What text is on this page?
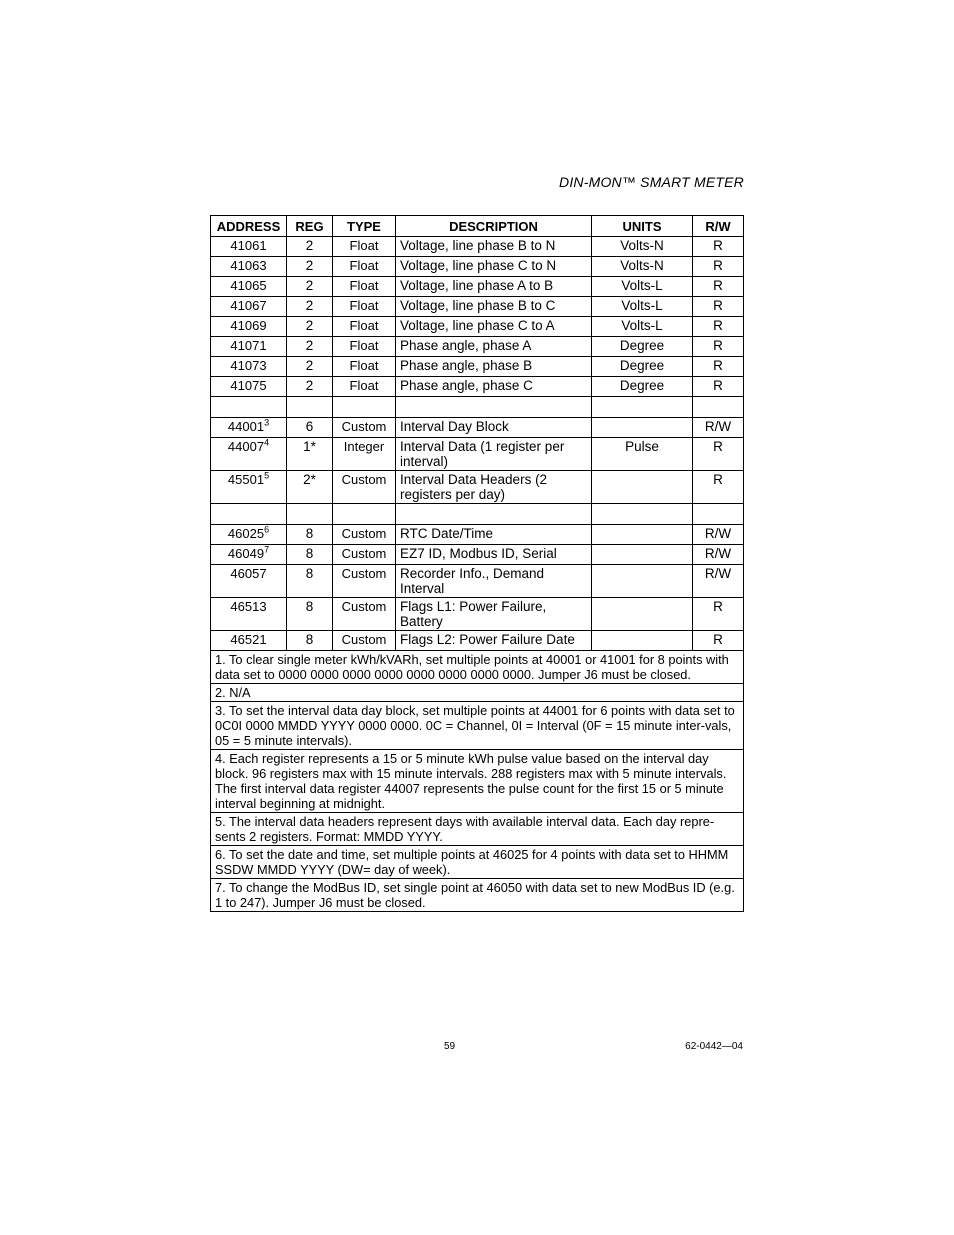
DIN-MON™ SMART METER
ADDRESS	REG	TYPE	DESCRIPTION	UNITS	R/W
41061	2	Float	Voltage, line phase B to N	Volts-N	R
41063	2	Float	Voltage, line phase C to N	Volts-N	R
41065	2	Float	Voltage, line phase A to B	Volts-L	R
41067	2	Float	Voltage, line phase B to C	Volts-L	R
41069	2	Float	Voltage, line phase C to A	Volts-L	R
41071	2	Float	Phase angle, phase A	Degree	R
41073	2	Float	Phase angle, phase B	Degree	R
41075	2	Float	Phase angle, phase C	Degree	R

44001$^3$	6	Custom	Interval Day Block		R/W
44007$^4$	1*	Integer	Interval Data (1 register per interval)	Pulse	R
45501$^5$	2*	Custom	Interval Data Headers (2 registers per day)		R

46025$^6$	8	Custom	RTC Date/Time		R/W
46049$^7$	8	Custom	EZ7 ID, Modbus ID, Serial		R/W
46057	8	Custom	Recorder Info., Demand Interval		R/W
46513	8	Custom	Flags L1: Power Failure, Battery		R
46521	8	Custom	Flags L2: Power Failure Date		R
1. To clear single meter kWh/kVARh, set multiple points at 40001 or 41001 for 8 points with data set to 0000 0000 0000 0000 0000 0000 0000 0000. Jumper J6 must be closed.					
2. N/A					
3. To set the interval data day block, set multiple points at 44001 for 6 points with data set to 0C0I 0000 MMDD YYYY 0000 0000. 0C = Channel, 0I = Interval (0F = 15 minute inter-vals, 05 = 5 minute intervals).					
4. Each register represents a 15 or 5 minute kWh pulse value based on the interval day block. 96 registers max with 15 minute intervals. 288 registers max with 5 minute intervals. The first interval data register 44007 represents the pulse count for the first 15 or 5 minute interval beginning at midnight.					
5. The interval data headers represent days with available interval data. Each day repre-sents 2 registers. Format: MMDD YYYY.					
6. To set the date and time, set multiple points at 46025 for 4 points with data set to HHMM SSDW MMDD YYYY (DW= day of week).					
7. To change the ModBus ID, set single point at 46050 with data set to new ModBus ID (e.g. 1 to 247). Jumper J6 must be closed.					
59	62-0442—04
